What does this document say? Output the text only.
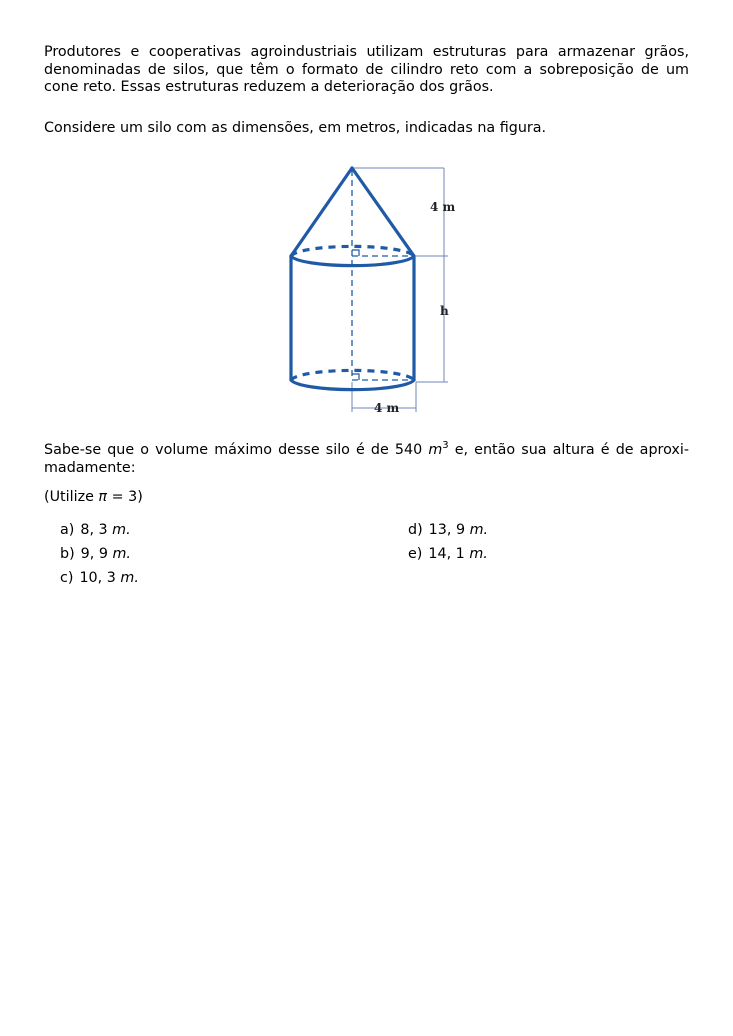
Produtores e cooperativas agroindustriais utilizam estruturas para armazenar grãos, denominadas de silos, que têm o formato de cilindro reto com a sobreposição de um cone reto. Essas estruturas reduzem a deterioração dos grãos.

Considere um silo com as dimensões, em metros, indicadas na figura.

4 m
h
4 m

Sabe-se que o volume máximo desse silo é de 540 $m^3$ e, então sua altura é de aproximadamente:

(Utilize π = 3)

a) 8, 3 m.
b) 9, 9 m.
c) 10, 3 m.
d) 13, 9 m.
e) 14, 1 m.
